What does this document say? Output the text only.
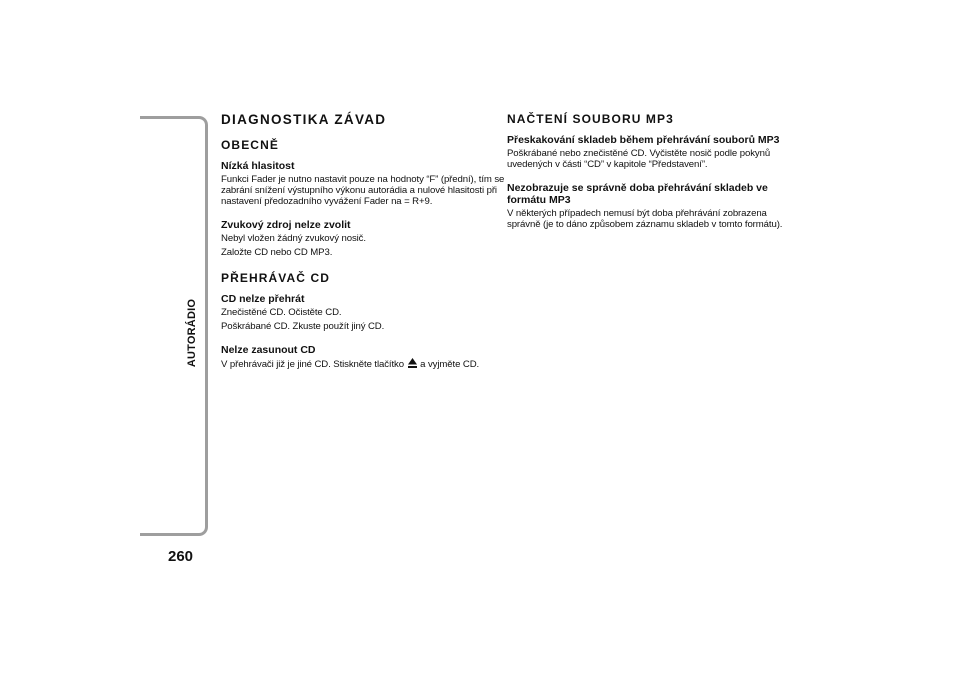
AUTORÁDIO
260
DIAGNOSTIKA ZÁVAD
OBECNĚ
Nízká hlasitost

Funkci Fader je nutno nastavit pouze na hodnoty “F” (přední), tím se zabrání snížení výstupního výkonu autorádia a nulové hlasitosti při nastavení předozadního vyvážení Fader na = R+9.

Zvukový zdroj nelze zvolit

Nebyl vložen žádný zvukový nosič.

Založte CD nebo CD MP3.

PŘEHRÁVAČ CD
CD nelze přehrát

Znečistěné CD. Očistěte CD.

Poškrábané CD. Zkuste použít jiný CD.

Nelze zasunout CD

V přehrávači již je jiné CD. Stiskněte tlačítko a vyjměte CD.

NAČTENÍ SOUBORU MP3
Přeskakování skladeb během přehrávání souborů MP3

Poškrábané nebo znečistěné CD. Vyčistěte nosič podle pokynů uvedených v části “CD” v kapitole “Představení”.

Nezobrazuje se správně doba přehrávání skladeb ve formátu MP3

V některých případech nemusí být doba přehrávání zobrazena správně (je to dáno způsobem záznamu skladeb v tomto formátu).
